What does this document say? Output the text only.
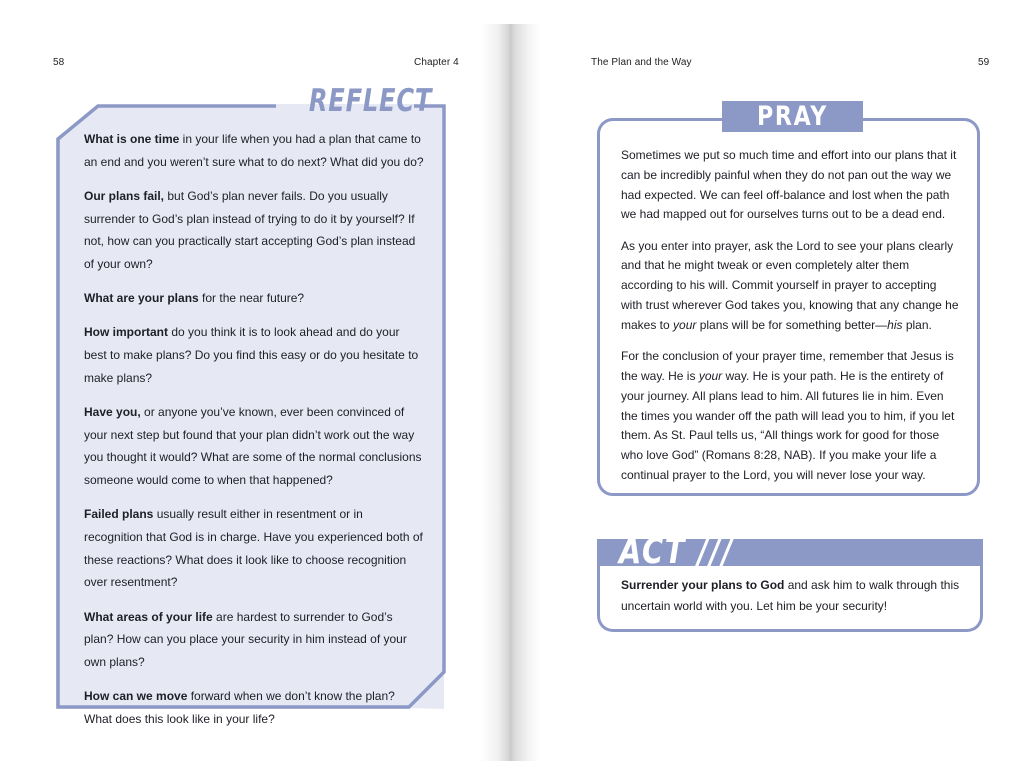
58	Chapter 4	The Plan and the Way	59
REFLECT

What is one time in your life when you had a plan that came to an end and you weren’t sure what to do next? What did you do?

Our plans fail, but God’s plan never fails. Do you usually surrender to God’s plan instead of trying to do it by yourself? If not, how can you practically start accepting God’s plan instead of your own?

What are your plans for the near future?

How important do you think it is to look ahead and do your best to make plans? Do you find this easy or do you hesitate to make plans?

Have you, or anyone you’ve known, ever been convinced of your next step but found that your plan didn’t work out the way you thought it would? What are some of the normal conclusions someone would come to when that happened?

Failed plans usually result either in resentment or in recognition that God is in charge. Have you experienced both of these reactions? What does it look like to choose recognition over resentment?

What areas of your life are hardest to surrender to God’s plan? How can you place your security in him instead of your own plans?

How can we move forward when we don’t know the plan? What does this look like in your life?

PRAY

Sometimes we put so much time and effort into our plans that it can be incredibly painful when they do not pan out the way we had expected. We can feel off-balance and lost when the path we had mapped out for ourselves turns out to be a dead end.

As you enter into prayer, ask the Lord to see your plans clearly and that he might tweak or even completely alter them according to his will. Commit yourself in prayer to accepting with trust wherever God takes you, knowing that any change he makes to your plans will be for something better—his plan.

For the conclusion of your prayer time, remember that Jesus is the way. He is your way. He is your path. He is the entirety of your journey. All plans lead to him. All futures lie in him. Even the times you wander off the path will lead you to him, if you let them. As St. Paul tells us, “All things work for good for those who love God” (Romans 8:28, NAB). If you make your life a continual prayer to the Lord, you will never lose your way.

ACT ///
Surrender your plans to God and ask him to walk through this uncertain world with you. Let him be your security!
